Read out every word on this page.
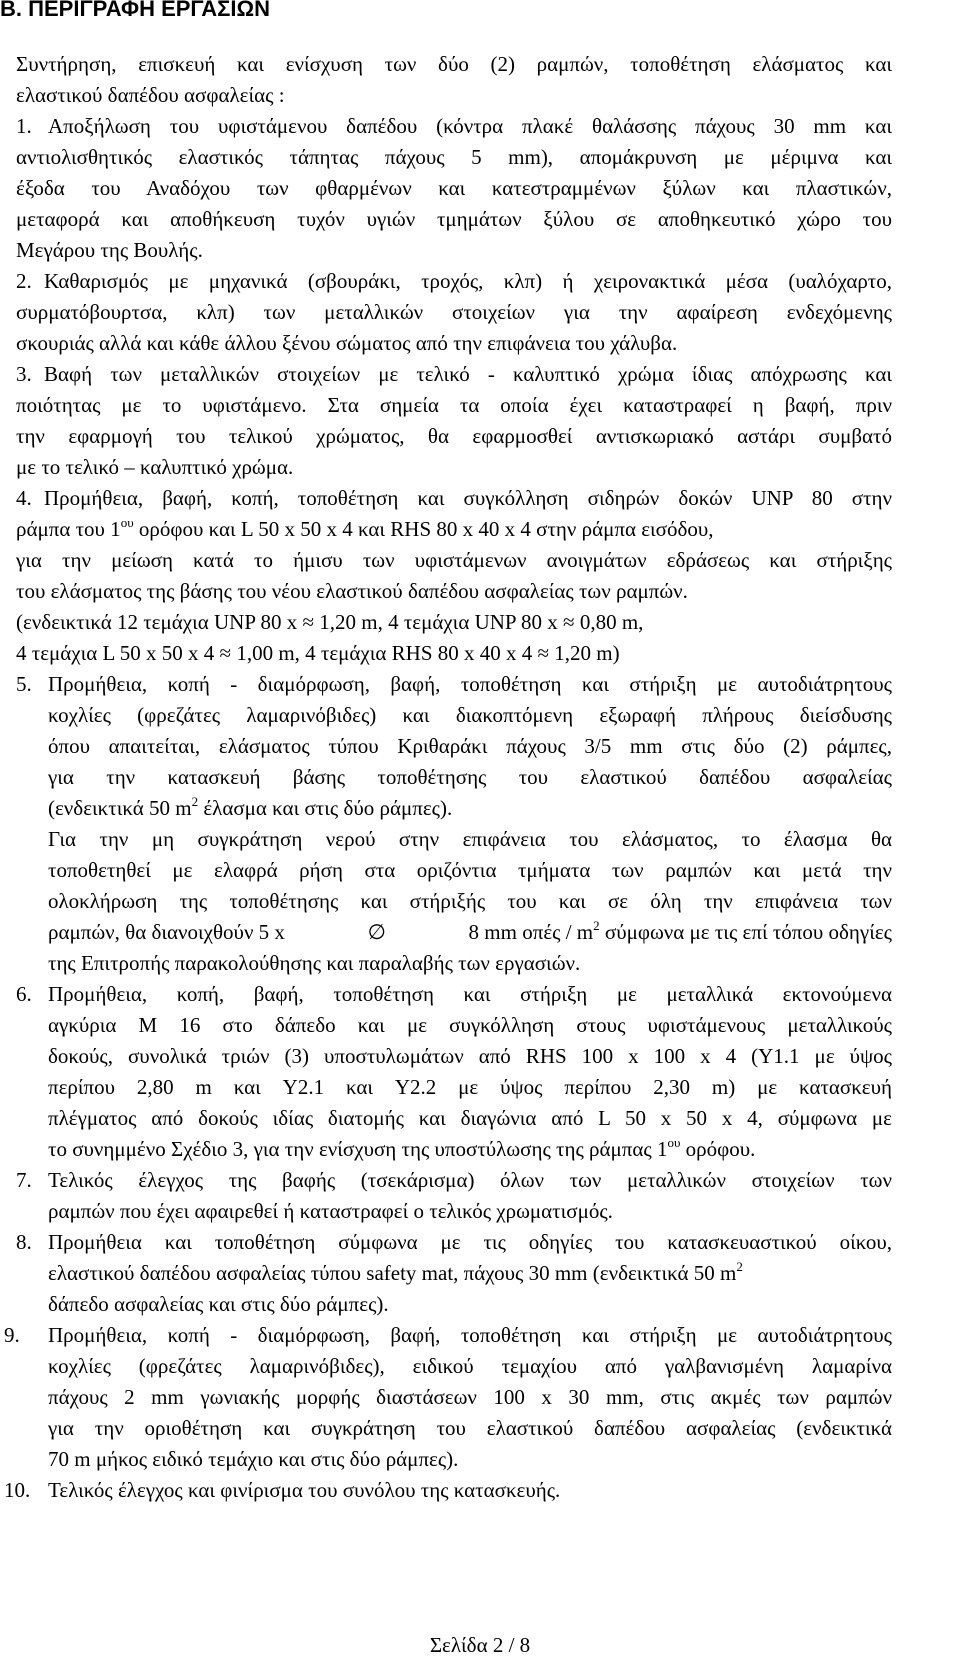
Β. ΠΕΡΙΓΡΑΦΗ ΕΡΓΑΣΙΩΝ
Συντήρηση, επισκευή και ενίσχυση των δύο (2) ραμπών, τοποθέτηση ελάσματος και
ελαστικού δαπέδου ασφαλείας :
1. Αποξήλωση του υφιστάμενου δαπέδου (κόντρα πλακέ θαλάσσης πάχους 30 mm και
αντιολισθητικός ελαστικός τάπητας πάχους 5 mm), απομάκρυνση με μέριμνα και
έξοδα του Αναδόχου των φθαρμένων και κατεστραμμένων ξύλων και πλαστικών,
μεταφορά και αποθήκευση τυχόν υγιών τμημάτων ξύλου σε αποθηκευτικό χώρο του
Μεγάρου της Βουλής.
2. Καθαρισμός με μηχανικά (σβουράκι, τροχός, κλπ) ή χειρονακτικά μέσα (υαλόχαρτο,
συρματόβουρτσα, κλπ) των μεταλλικών στοιχείων για την αφαίρεση ενδεχόμενης
σκουριάς αλλά και κάθε άλλου ξένου σώματος από την επιφάνεια του χάλυβα.
3. Βαφή των μεταλλικών στοιχείων με τελικό - καλυπτικό χρώμα ίδιας απόχρωσης και
ποιότητας με το υφιστάμενο. Στα σημεία τα οποία έχει καταστραφεί η βαφή, πριν
την εφαρμογή του τελικού χρώματος, θα εφαρμοσθεί αντισκωριακό αστάρι συμβατό
με το τελικό – καλυπτικό χρώμα.
4. Προμήθεια, βαφή, κοπή, τοποθέτηση και συγκόλληση σιδηρών δοκών UNP 80 στην
ράμπα του $1^{o\upsilon}$ ορόφου και L 50 x 50 x 4 και RHS 80 x 40 x 4 στην ράμπα εισόδου,
για την μείωση κατά το ήμισυ των υφιστάμενων ανοιγμάτων εδράσεως και στήριξης
του ελάσματος της βάσης του νέου ελαστικού δαπέδου ασφαλείας των ραμπών.
(ενδεικτικά 12 τεμάχια UNP 80 x ≈ 1,20 m, 4 τεμάχια UNP 80 x ≈ 0,80 m,
4 τεμάχια L 50 x 50 x 4 ≈ 1,00 m, 4 τεμάχια RHS 80 x 40 x 4 ≈ 1,20 m)
5. Προμήθεια, κοπή - διαμόρφωση, βαφή, τοποθέτηση και στήριξη με αυτοδιάτρητους
κοχλίες (φρεζάτες λαμαρινόβιδες) και διακοπτόμενη εξωραφή πλήρους διείσδυσης
όπου απαιτείται, ελάσματος τύπου Κριθαράκι πάχους 3/5 mm στις δύο (2) ράμπες,
για την κατασκευή βάσης τοποθέτησης του ελαστικού δαπέδου ασφαλείας
(ενδεικτικά 50 $m^2$ έλασμα και στις δύο ράμπες).
Για την μη συγκράτηση νερού στην επιφάνεια του ελάσματος, το έλασμα θα
τοποθετηθεί με ελαφρά ρήση στα οριζόντια τμήματα των ραμπών και μετά την
ολοκλήρωση της τοποθέτησης και στήριξής του και σε όλη την επιφάνεια των
ραμπών, θα διανοιχθούν 5 x	∅	8 mm οπές / $m^2$ σύμφωνα με τις επί τόπου οδηγίες
της Επιτροπής παρακολούθησης και παραλαβής των εργασιών.
6. Προμήθεια, κοπή, βαφή, τοποθέτηση και στήριξη με μεταλλικά εκτονούμενα
αγκύρια Μ 16 στο δάπεδο και με συγκόλληση στους υφιστάμενους μεταλλικούς
δοκούς, συνολικά τριών (3) υποστυλωμάτων από RHS 100 x 100 x 4 (Y1.1 με ύψος
περίπου 2,80 m και Y2.1 και Y2.2 με ύψος περίπου 2,30 m) με κατασκευή
πλέγματος από δοκούς ιδίας διατομής και διαγώνια από L 50 x 50 x 4, σύμφωνα με
το συνημμένο Σχέδιο 3, για την ενίσχυση της υποστύλωσης της ράμπας $1^{o\upsilon}$ ορόφου.
7. Τελικός έλεγχος της βαφής (τσεκάρισμα) όλων των μεταλλικών στοιχείων των
ραμπών που έχει αφαιρεθεί ή καταστραφεί ο τελικός χρωματισμός.
8. Προμήθεια και τοποθέτηση σύμφωνα με τις οδηγίες του κατασκευαστικού οίκου,
ελαστικού δαπέδου ασφαλείας τύπου safety mat, πάχους 30 mm (ενδεικτικά 50 $m^2$
δάπεδο ασφαλείας και στις δύο ράμπες).
9. Προμήθεια, κοπή - διαμόρφωση, βαφή, τοποθέτηση και στήριξη με αυτοδιάτρητους
κοχλίες (φρεζάτες λαμαρινόβιδες), ειδικού τεμαχίου από γαλβανισμένη λαμαρίνα
πάχους 2 mm γωνιακής μορφής διαστάσεων 100 x 30 mm, στις ακμές των ραμπών
για την οριοθέτηση και συγκράτηση του ελαστικού δαπέδου ασφαλείας (ενδεικτικά
70 m μήκος ειδικό τεμάχιο και στις δύο ράμπες).
10. Τελικός έλεγχος και φινίρισμα του συνόλου της κατασκευής.
Σελίδα 2 / 8
